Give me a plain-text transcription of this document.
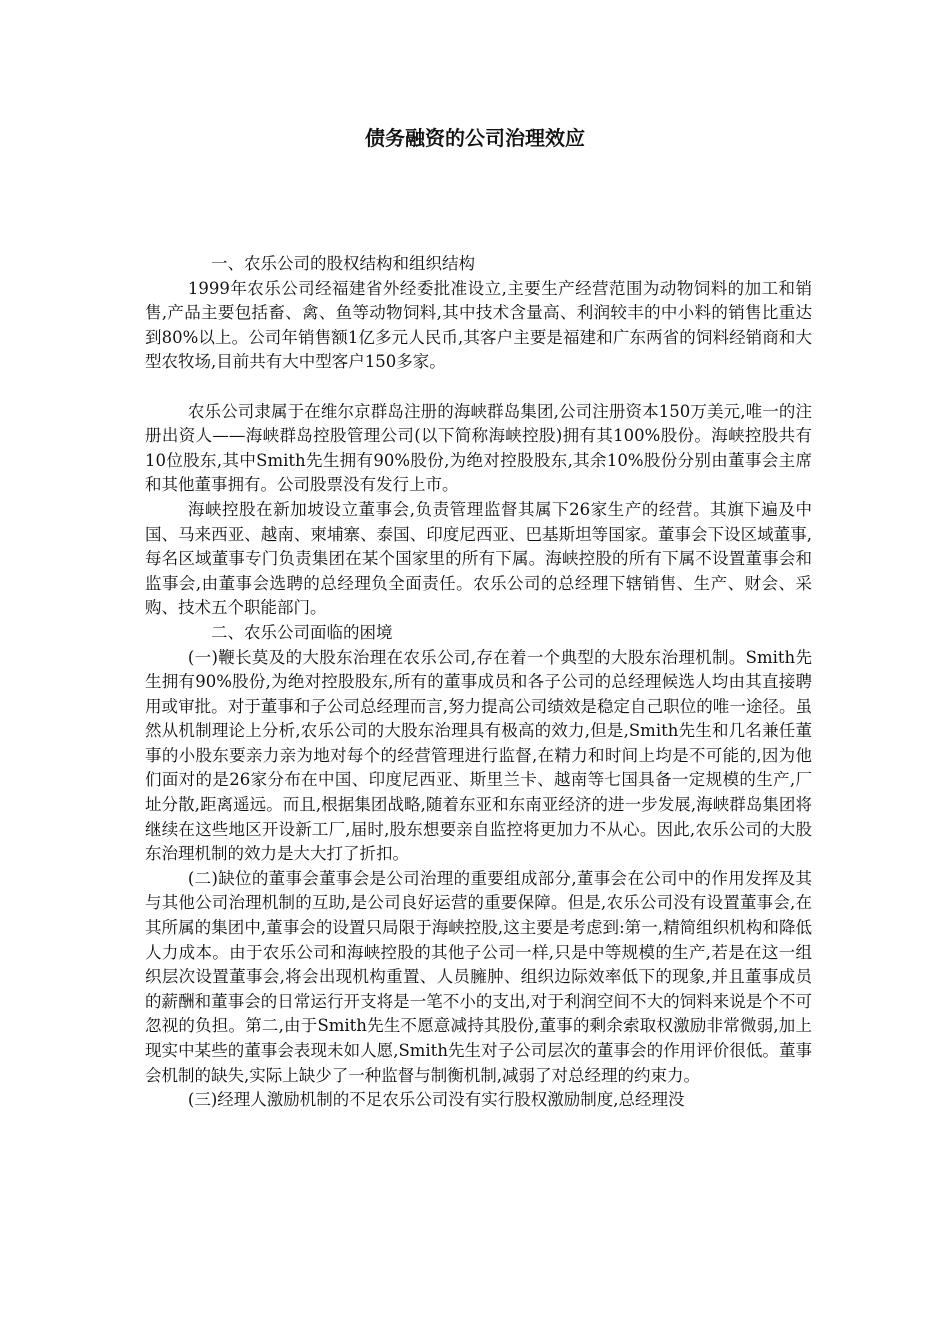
债务融资的公司治理效应

一、农乐公司的股权结构和组织结构

1999年农乐公司经福建省外经委批准设立,主要生产经营范围为动物饲料的加工和销售,产品主要包括畜、禽、鱼等动物饲料,其中技术含量高、利润较丰的中小料的销售比重达到80%以上。公司年销售额1亿多元人民币,其客户主要是福建和广东两省的饲料经销商和大型农牧场,目前共有大中型客户150多家。

农乐公司隶属于在维尔京群岛注册的海峡群岛集团,公司注册资本150万美元,唯一的注册出资人——海峡群岛控股管理公司(以下简称海峡控股)拥有其100%股份。海峡控股共有10位股东,其中Smith先生拥有90%股份,为绝对控股股东,其余10%股份分别由董事会主席和其他董事拥有。公司股票没有发行上市。

海峡控股在新加坡设立董事会,负责管理监督其属下26家生产的经营。其旗下遍及中国、马来西亚、越南、柬埔寨、泰国、印度尼西亚、巴基斯坦等国家。董事会下设区域董事,每名区域董事专门负责集团在某个国家里的所有下属。海峡控股的所有下属不设置董事会和监事会,由董事会选聘的总经理负全面责任。农乐公司的总经理下辖销售、生产、财会、采购、技术五个职能部门。

二、农乐公司面临的困境

(一)鞭长莫及的大股东治理在农乐公司,存在着一个典型的大股东治理机制。Smith先生拥有90%股份,为绝对控股股东,所有的董事成员和各子公司的总经理候选人均由其直接聘用或审批。对于董事和子公司总经理而言,努力提高公司绩效是稳定自己职位的唯一途径。虽然从机制理论上分析,农乐公司的大股东治理具有极高的效力,但是,Smith先生和几名兼任董事的小股东要亲力亲为地对每个的经营管理进行监督,在精力和时间上均是不可能的,因为他们面对的是26家分布在中国、印度尼西亚、斯里兰卡、越南等七国具备一定规模的生产,厂址分散,距离遥远。而且,根据集团战略,随着东亚和东南亚经济的进一步发展,海峡群岛集团将继续在这些地区开设新工厂,届时,股东想要亲自监控将更加力不从心。因此,农乐公司的大股东治理机制的效力是大大打了折扣。

(二)缺位的董事会董事会是公司治理的重要组成部分,董事会在公司中的作用发挥及其与其他公司治理机制的互助,是公司良好运营的重要保障。但是,农乐公司没有设置董事会,在其所属的集团中,董事会的设置只局限于海峡控股,这主要是考虑到:第一,精简组织机构和降低人力成本。由于农乐公司和海峡控股的其他子公司一样,只是中等规模的生产,若是在这一组织层次设置董事会,将会出现机构重置、人员臃肿、组织边际效率低下的现象,并且董事成员的薪酬和董事会的日常运行开支将是一笔不小的支出,对于利润空间不大的饲料来说是个不可忽视的负担。第二,由于Smith先生不愿意减持其股份,董事的剩余索取权激励非常微弱,加上现实中某些的董事会表现未如人愿,Smith先生对子公司层次的董事会的作用评价很低。董事会机制的缺失,实际上缺少了一种监督与制衡机制,减弱了对总经理的约束力。

(三)经理人激励机制的不足农乐公司没有实行股权激励制度,总经理没
